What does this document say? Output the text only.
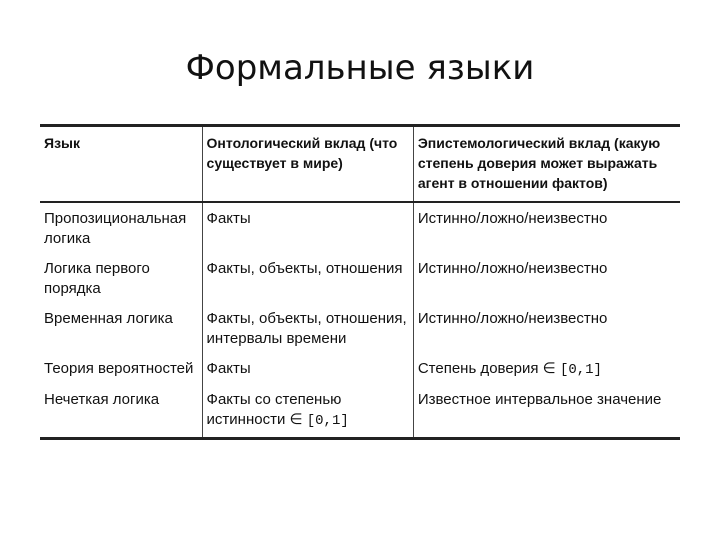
Формальные языки
Язык	Онтологический вклад (что существует в мире)	Эпистемологический вклад (какую степень доверия может выражать агент в отношении фактов)
Пропозициональная логика	Факты	Истинно/ложно/неизвестно
Логика первого порядка	Факты, объекты, отношения	Истинно/ложно/неизвестно
Временная логика	Факты, объекты, отношения, интервалы времени	Истинно/ложно/неизвестно
Теория вероятностей	Факты	Степень доверия ∈ [0,1]
Нечеткая логика	Факты со степенью истинности ∈ [0,1]	Известное интервальное значение
